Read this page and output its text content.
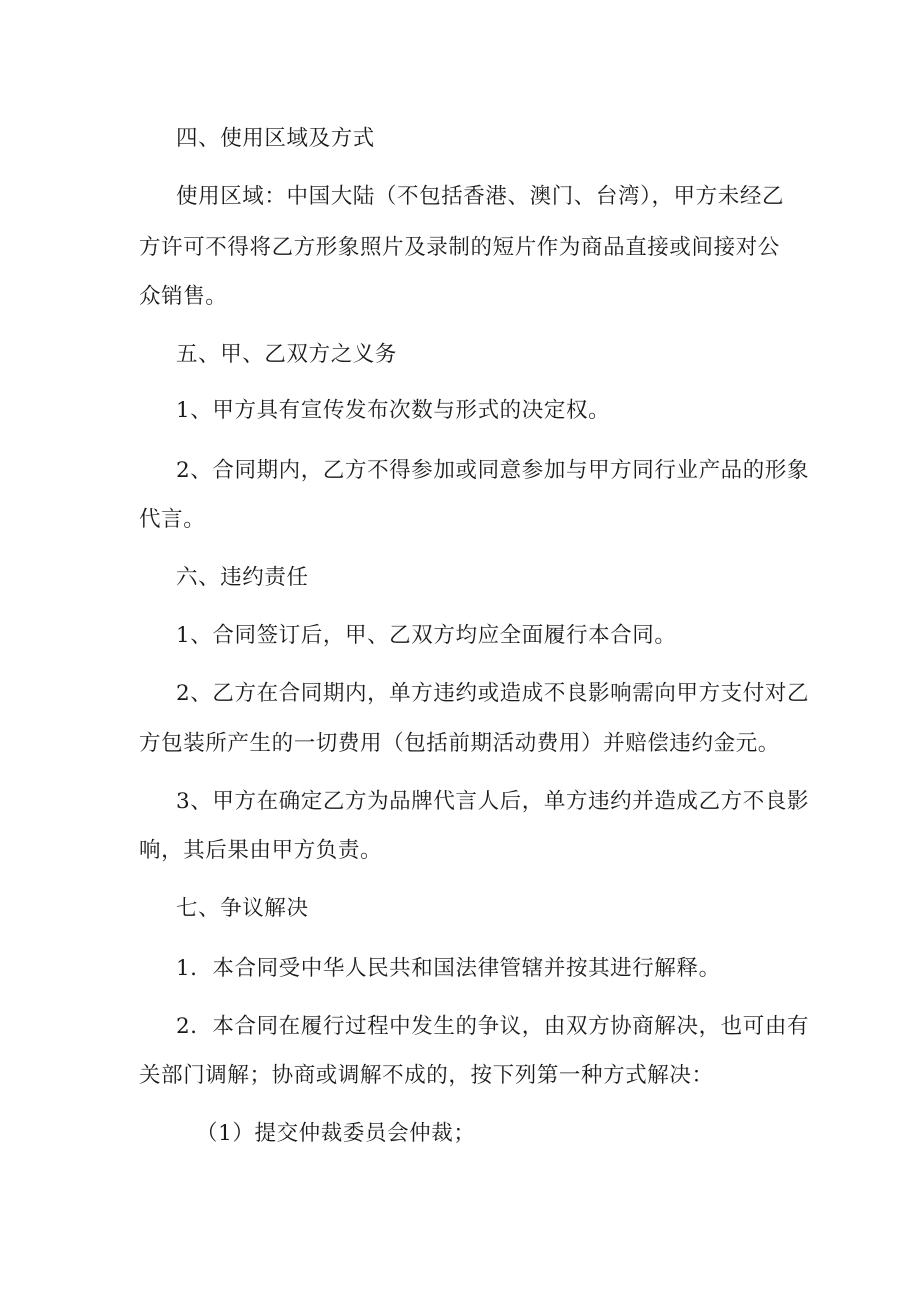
四、使用区域及方式
使用区域：中国大陆（不包括香港、澳门、台湾），甲方未经乙
方许可不得将乙方形象照片及录制的短片作为商品直接或间接对公
众销售。
五、甲、乙双方之义务
1、甲方具有宣传发布次数与形式的决定权。
2、合同期内，乙方不得参加或同意参加与甲方同行业产品的形象
代言。
六、违约责任
1、合同签订后，甲、乙双方均应全面履行本合同。
2、乙方在合同期内，单方违约或造成不良影响需向甲方支付对乙
方包装所产生的一切费用（包括前期活动费用）并赔偿违约金元。
3、甲方在确定乙方为品牌代言人后，单方违约并造成乙方不良影
响，其后果由甲方负责。
七、争议解决
1．本合同受中华人民共和国法律管辖并按其进行解释。
2．本合同在履行过程中发生的争议，由双方协商解决，也可由有
关部门调解；协商或调解不成的，按下列第一种方式解决：
（1）提交仲裁委员会仲裁；
